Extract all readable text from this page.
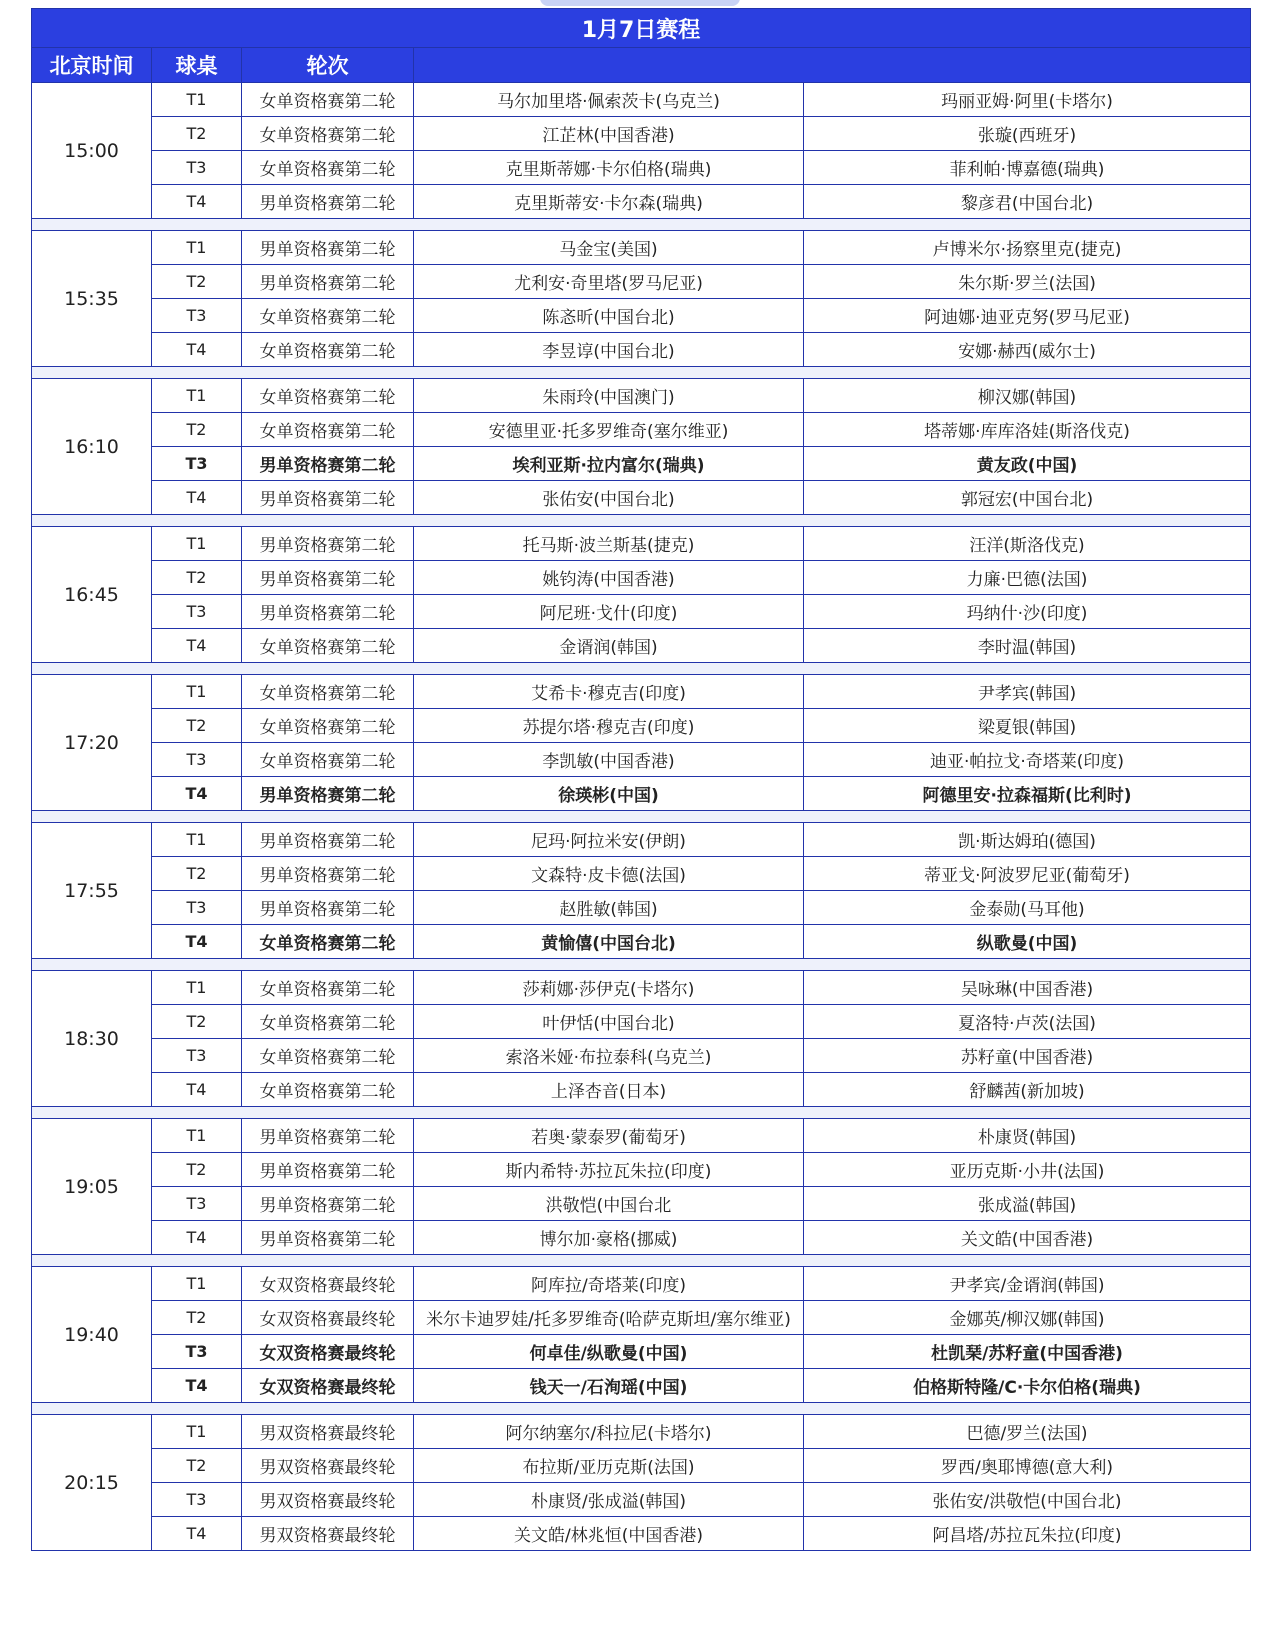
1月7日赛程				
北京时间	球桌	轮次		
15:00	T1	女单资格赛第二轮	马尔加里塔·佩索茨卡(乌克兰)	玛丽亚姆·阿里(卡塔尔)
	T2	女单资格赛第二轮	江芷林(中国香港)	张璇(西班牙)
	T3	女单资格赛第二轮	克里斯蒂娜·卡尔伯格(瑞典)	菲利帕·博嘉德(瑞典)
	T4	男单资格赛第二轮	克里斯蒂安·卡尔森(瑞典)	黎彦君(中国台北)

15:35	T1	男单资格赛第二轮	马金宝(美国)	卢博米尔·扬察里克(捷克)
	T2	男单资格赛第二轮	尤利安·奇里塔(罗马尼亚)	朱尔斯·罗兰(法国)
	T3	女单资格赛第二轮	陈忞昕(中国台北)	阿迪娜·迪亚克努(罗马尼亚)
	T4	女单资格赛第二轮	李昱谆(中国台北)	安娜·赫西(威尔士)

16:10	T1	女单资格赛第二轮	朱雨玲(中国澳门)	柳汉娜(韩国)
	T2	女单资格赛第二轮	安德里亚·托多罗维奇(塞尔维亚)	塔蒂娜·库库洛娃(斯洛伐克)
	T3	男单资格赛第二轮	埃利亚斯·拉内富尔(瑞典)	黄友政(中国)
	T4	男单资格赛第二轮	张佑安(中国台北)	郭冠宏(中国台北)

16:45	T1	男单资格赛第二轮	托马斯·波兰斯基(捷克)	汪洋(斯洛伐克)
	T2	男单资格赛第二轮	姚钧涛(中国香港)	力廉·巴德(法国)
	T3	男单资格赛第二轮	阿尼班·戈什(印度)	玛纳什·沙(印度)
	T4	女单资格赛第二轮	金谞润(韩国)	李时温(韩国)

17:20	T1	女单资格赛第二轮	艾希卡·穆克吉(印度)	尹孝宾(韩国)
	T2	女单资格赛第二轮	苏提尔塔·穆克吉(印度)	梁夏银(韩国)
	T3	女单资格赛第二轮	李凯敏(中国香港)	迪亚·帕拉戈·奇塔莱(印度)
	T4	男单资格赛第二轮	徐瑛彬(中国)	阿德里安·拉森福斯(比利时)

17:55	T1	男单资格赛第二轮	尼玛·阿拉米安(伊朗)	凯·斯达姆珀(德国)
	T2	男单资格赛第二轮	文森特·皮卡德(法国)	蒂亚戈·阿波罗尼亚(葡萄牙)
	T3	男单资格赛第二轮	赵胜敏(韩国)	金泰勋(马耳他)
	T4	女单资格赛第二轮	黄愉僖(中国台北)	纵歌曼(中国)

18:30	T1	女单资格赛第二轮	莎莉娜·莎伊克(卡塔尔)	吴咏琳(中国香港)
	T2	女单资格赛第二轮	叶伊恬(中国台北)	夏洛特·卢茨(法国)
	T3	女单资格赛第二轮	索洛米娅·布拉泰科(乌克兰)	苏籽童(中国香港)
	T4	女单资格赛第二轮	上泽杏音(日本)	舒麟茜(新加坡)

19:05	T1	男单资格赛第二轮	若奥·蒙泰罗(葡萄牙)	朴康贤(韩国)
	T2	男单资格赛第二轮	斯内希特·苏拉瓦朱拉(印度)	亚历克斯·小井(法国)
	T3	男单资格赛第二轮	洪敬恺(中国台北	张成溢(韩国)
	T4	男单资格赛第二轮	博尔加·豪格(挪威)	关文皓(中国香港)

19:40	T1	女双资格赛最终轮	阿库拉/奇塔莱(印度)	尹孝宾/金谞润(韩国)
	T2	女双资格赛最终轮	米尔卡迪罗娃/托多罗维奇(哈萨克斯坦/塞尔维亚)	金娜英/柳汉娜(韩国)
	T3	女双资格赛最终轮	何卓佳/纵歌曼(中国)	杜凯琹/苏籽童(中国香港)
	T4	女双资格赛最终轮	钱天一/石洵瑶(中国)	伯格斯特隆/C·卡尔伯格(瑞典)

20:15	T1	男双资格赛最终轮	阿尔纳塞尔/科拉尼(卡塔尔)	巴德/罗兰(法国)
	T2	男双资格赛最终轮	布拉斯/亚历克斯(法国)	罗西/奥耶博德(意大利)
	T3	男双资格赛最终轮	朴康贤/张成溢(韩国)	张佑安/洪敬恺(中国台北)
	T4	男双资格赛最终轮	关文皓/林兆恒(中国香港)	阿昌塔/苏拉瓦朱拉(印度)
